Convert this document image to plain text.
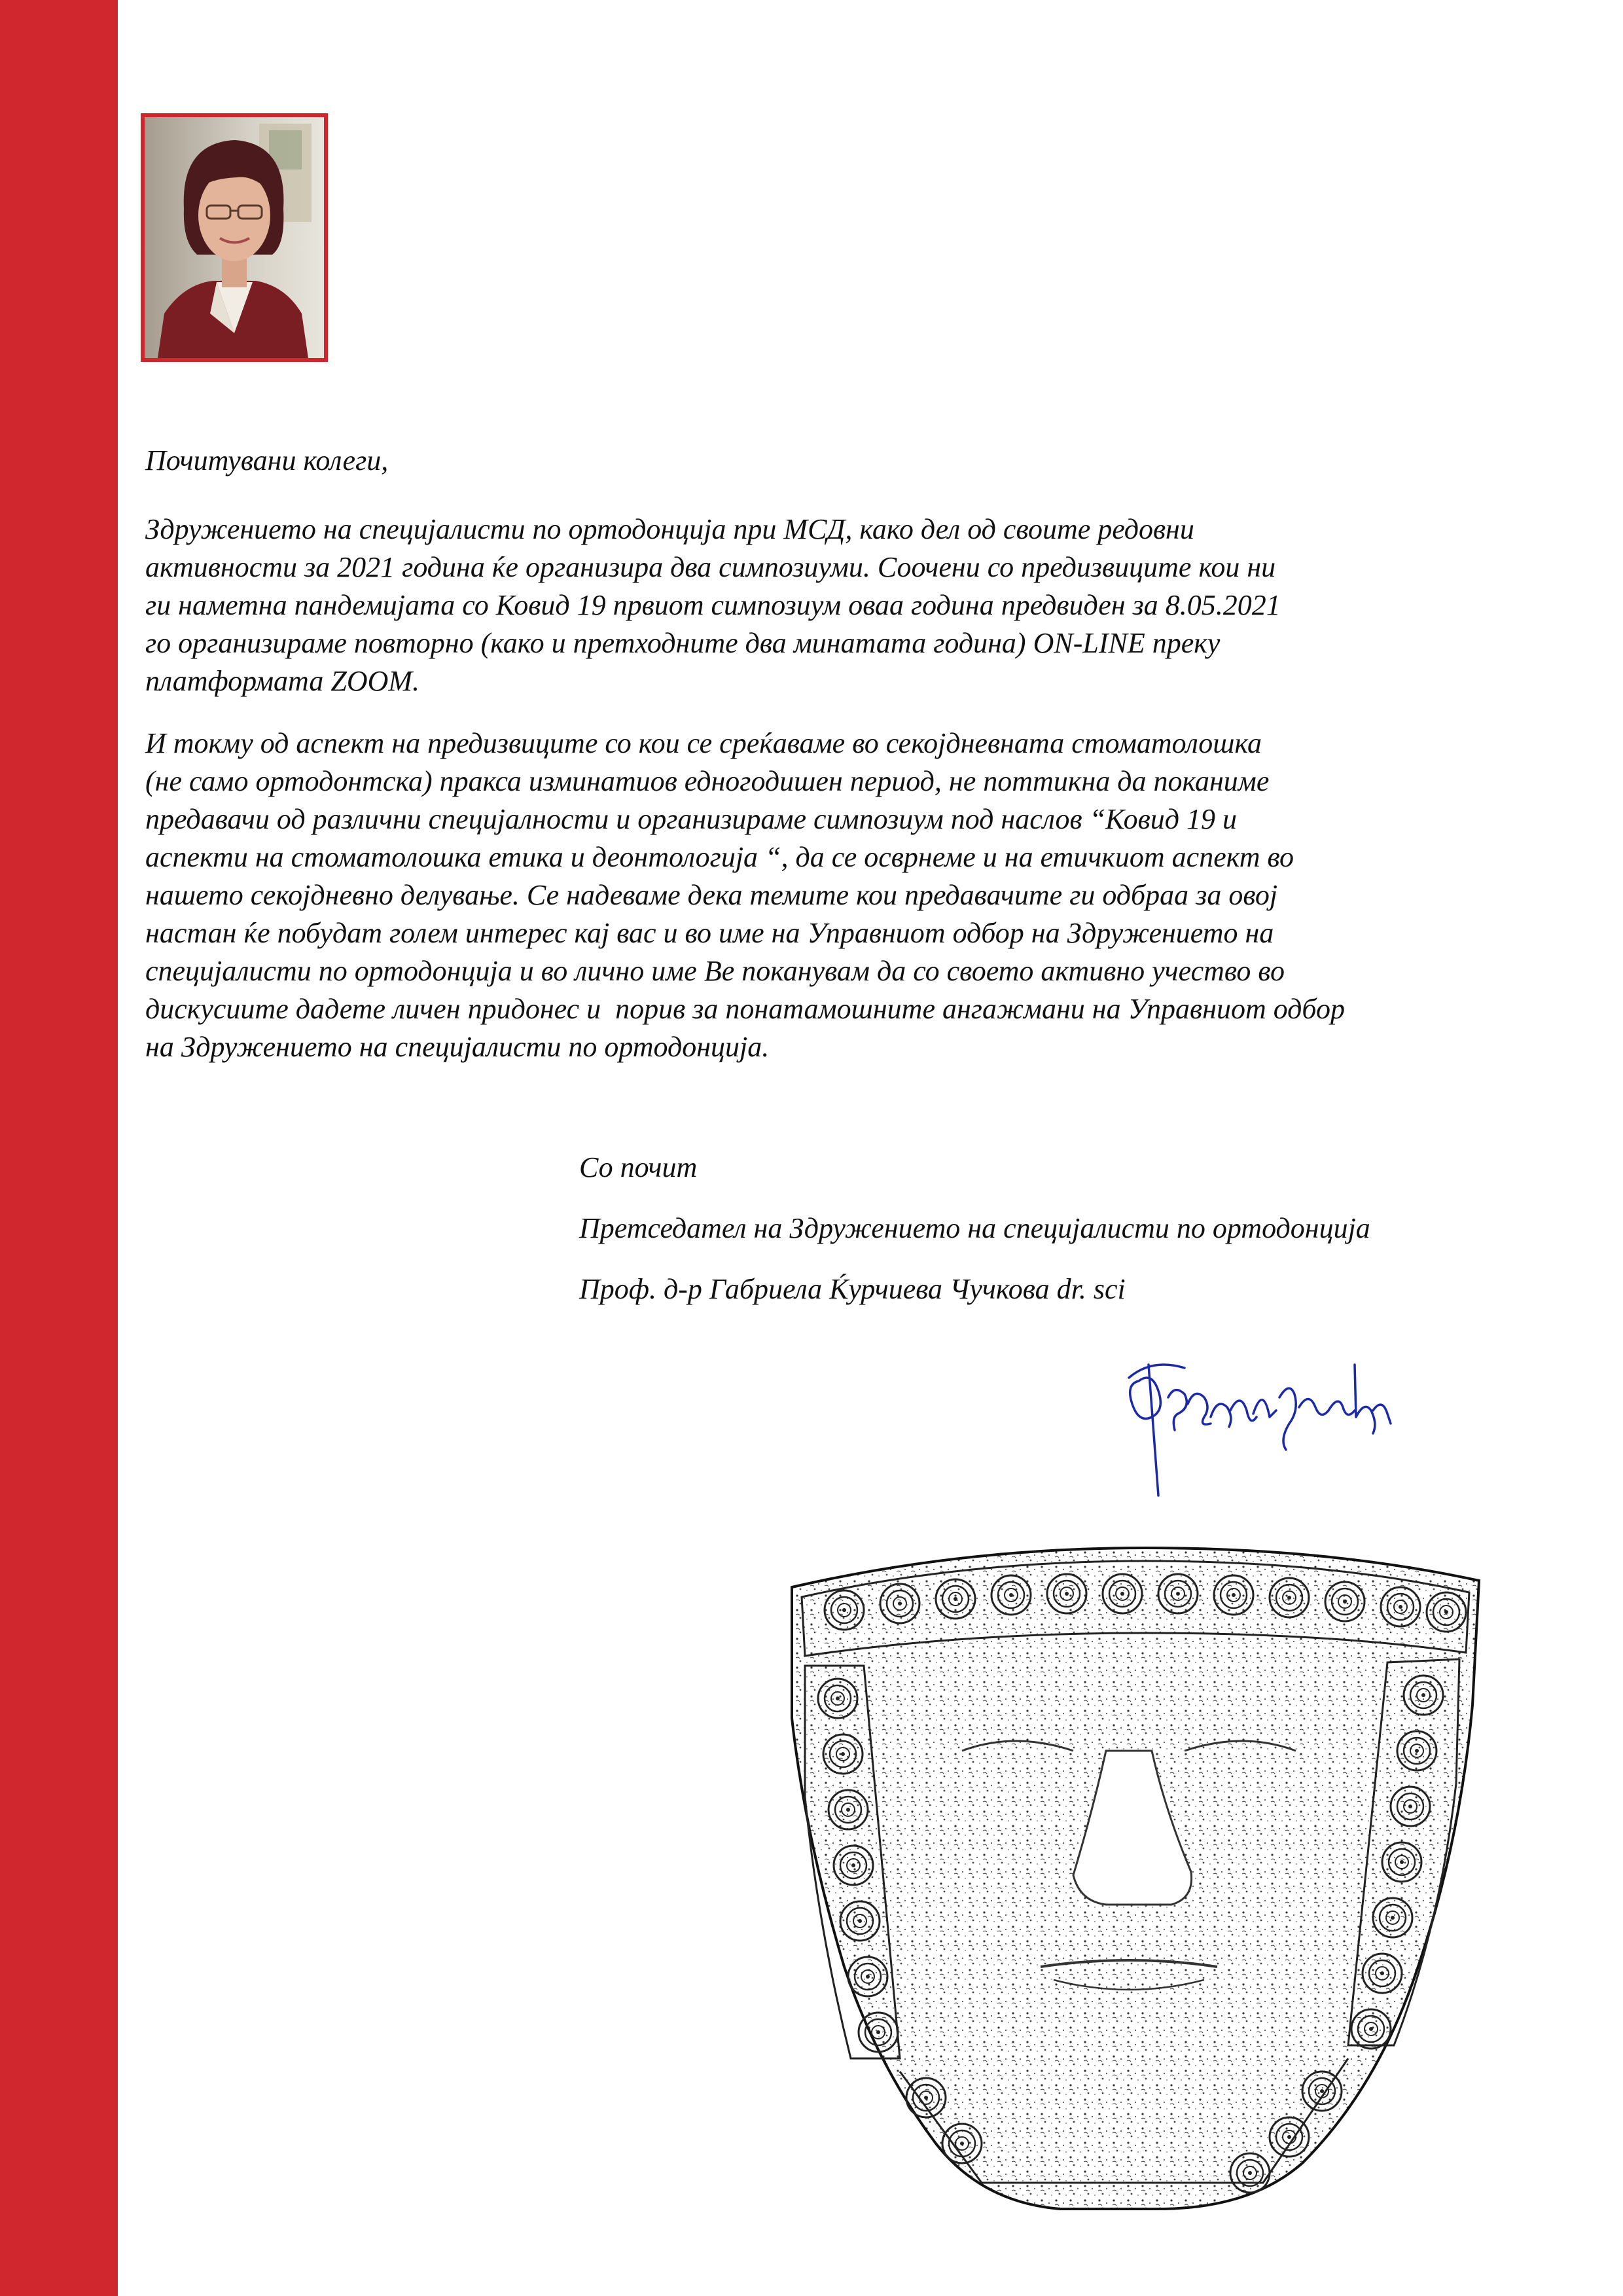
Почитувани колеги,

Здружението на специјалисти по ортодонција при МСД, како дел од своите редовни
активности за 2021 година ќе организира два симпозиуми. Соочени со предизвиците кои ни
ги наметна пандемијата со Ковид 19 првиот симпозиум оваа година предвиден за 8.05.2021
го организираме повторно (како и претходните два минатата година) ON-LINE преку
платформата ZOOM.

И токму од аспект на предизвиците со кои се среќаваме во секојдневната стоматолошка
(не само ортодонтска) пракса изминатиов едногодишен период, не поттикна да поканиме
предавачи од различни специјалности и организираме симпозиум под наслов “Ковид 19 и
аспекти на стоматолошка етика и деонтологија “, да се осврнеме и на етичкиот аспект во
нашето секојдневно делување. Се надеваме дека темите кои предавачите ги одбраа за овој
настан ќе побудат голем интерес кај вас и во име на Управниот одбор на Здружението на
специјалисти по ортодонција и во лично име Ве поканувам да со своето активно учество во
дискусиите дадете личен придонес и  порив за понатамошните ангажмани на Управниот одбор
на Здружението на специјалисти по ортодонција.

Со почит
Претседател на Здружението на специјалисти по ортодонција
Проф. д-р Габриела Ќурчиева Чучкова dr. sci
